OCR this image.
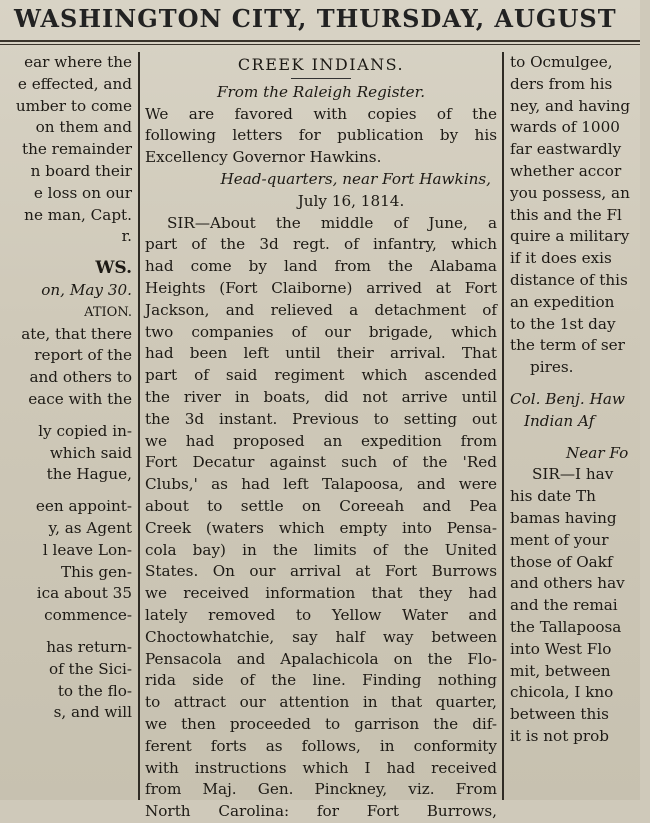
WASHINGTON CITY, THURSDAY, AUGUST
ear where the
e effected, and
umber to come
on them and
the remainder
n board their
e loss on our
ne man, Capt.
r.
WS.
on, May 30.
ATION.
ate, that there
report of the
and others to
eace with the
ly copied in-
which said
the Hague,
een appoint-
y, as Agent
l leave Lon-
This gen-
ica about 35
commence-
has return-
of the Sici-
to the flo-
s, and will
CREEK INDIANS.
From the Raleigh Register.
We are favored with copies of the
following letters for publication by his
Excellency Governor Hawkins.
Head-quarters, near Fort Hawkins,
July 16, 1814.
SIR—About the middle of June, a
part of the 3d regt. of infantry, which
had come by land from the Alabama
Heights (Fort Claiborne) arrived at Fort
Jackson, and relieved a detachment of
two companies of our brigade, which
had been left until their arrival. That
part of said regiment which ascended
the river in boats, did not arrive until
the 3d instant. Previous to setting out
we had proposed an expedition from
Fort Decatur against such of the 'Red
Clubs,' as had left Talapoosa, and were
about to settle on Coreeah and Pea
Creek (waters which empty into Pensa-
cola bay) in the limits of the United
States. On our arrival at Fort Burrows
we received information that they had
lately removed to Yellow Water and
Choctowhatchie, say half way between
Pensacola and Apalachicola on the Flo-
rida side of the line. Finding nothing
to attract our attention in that quarter,
we then proceeded to garrison the dif-
ferent forts as follows, in conformity
with instructions which I had received
from Maj. Gen. Pinckney, viz. From
North Carolina: for Fort Burrows,
to Ocmulgee,
ders from his
ney, and having
wards of 1000
far eastwardly
whether accor
you possess, an
this and the Fl
quire a military
if it does exis
distance of this
an expedition
to the 1st day
the term of ser
pires.
Col. Benj. Haw
Indian Af
Near Fo
SIR—I hav
his date Th
bamas having
ment of your
those of Oakf
and others hav
and the remai
the Tallapoosa
into West Flo
mit, between
chicola, I kno
between this
it is not prob
